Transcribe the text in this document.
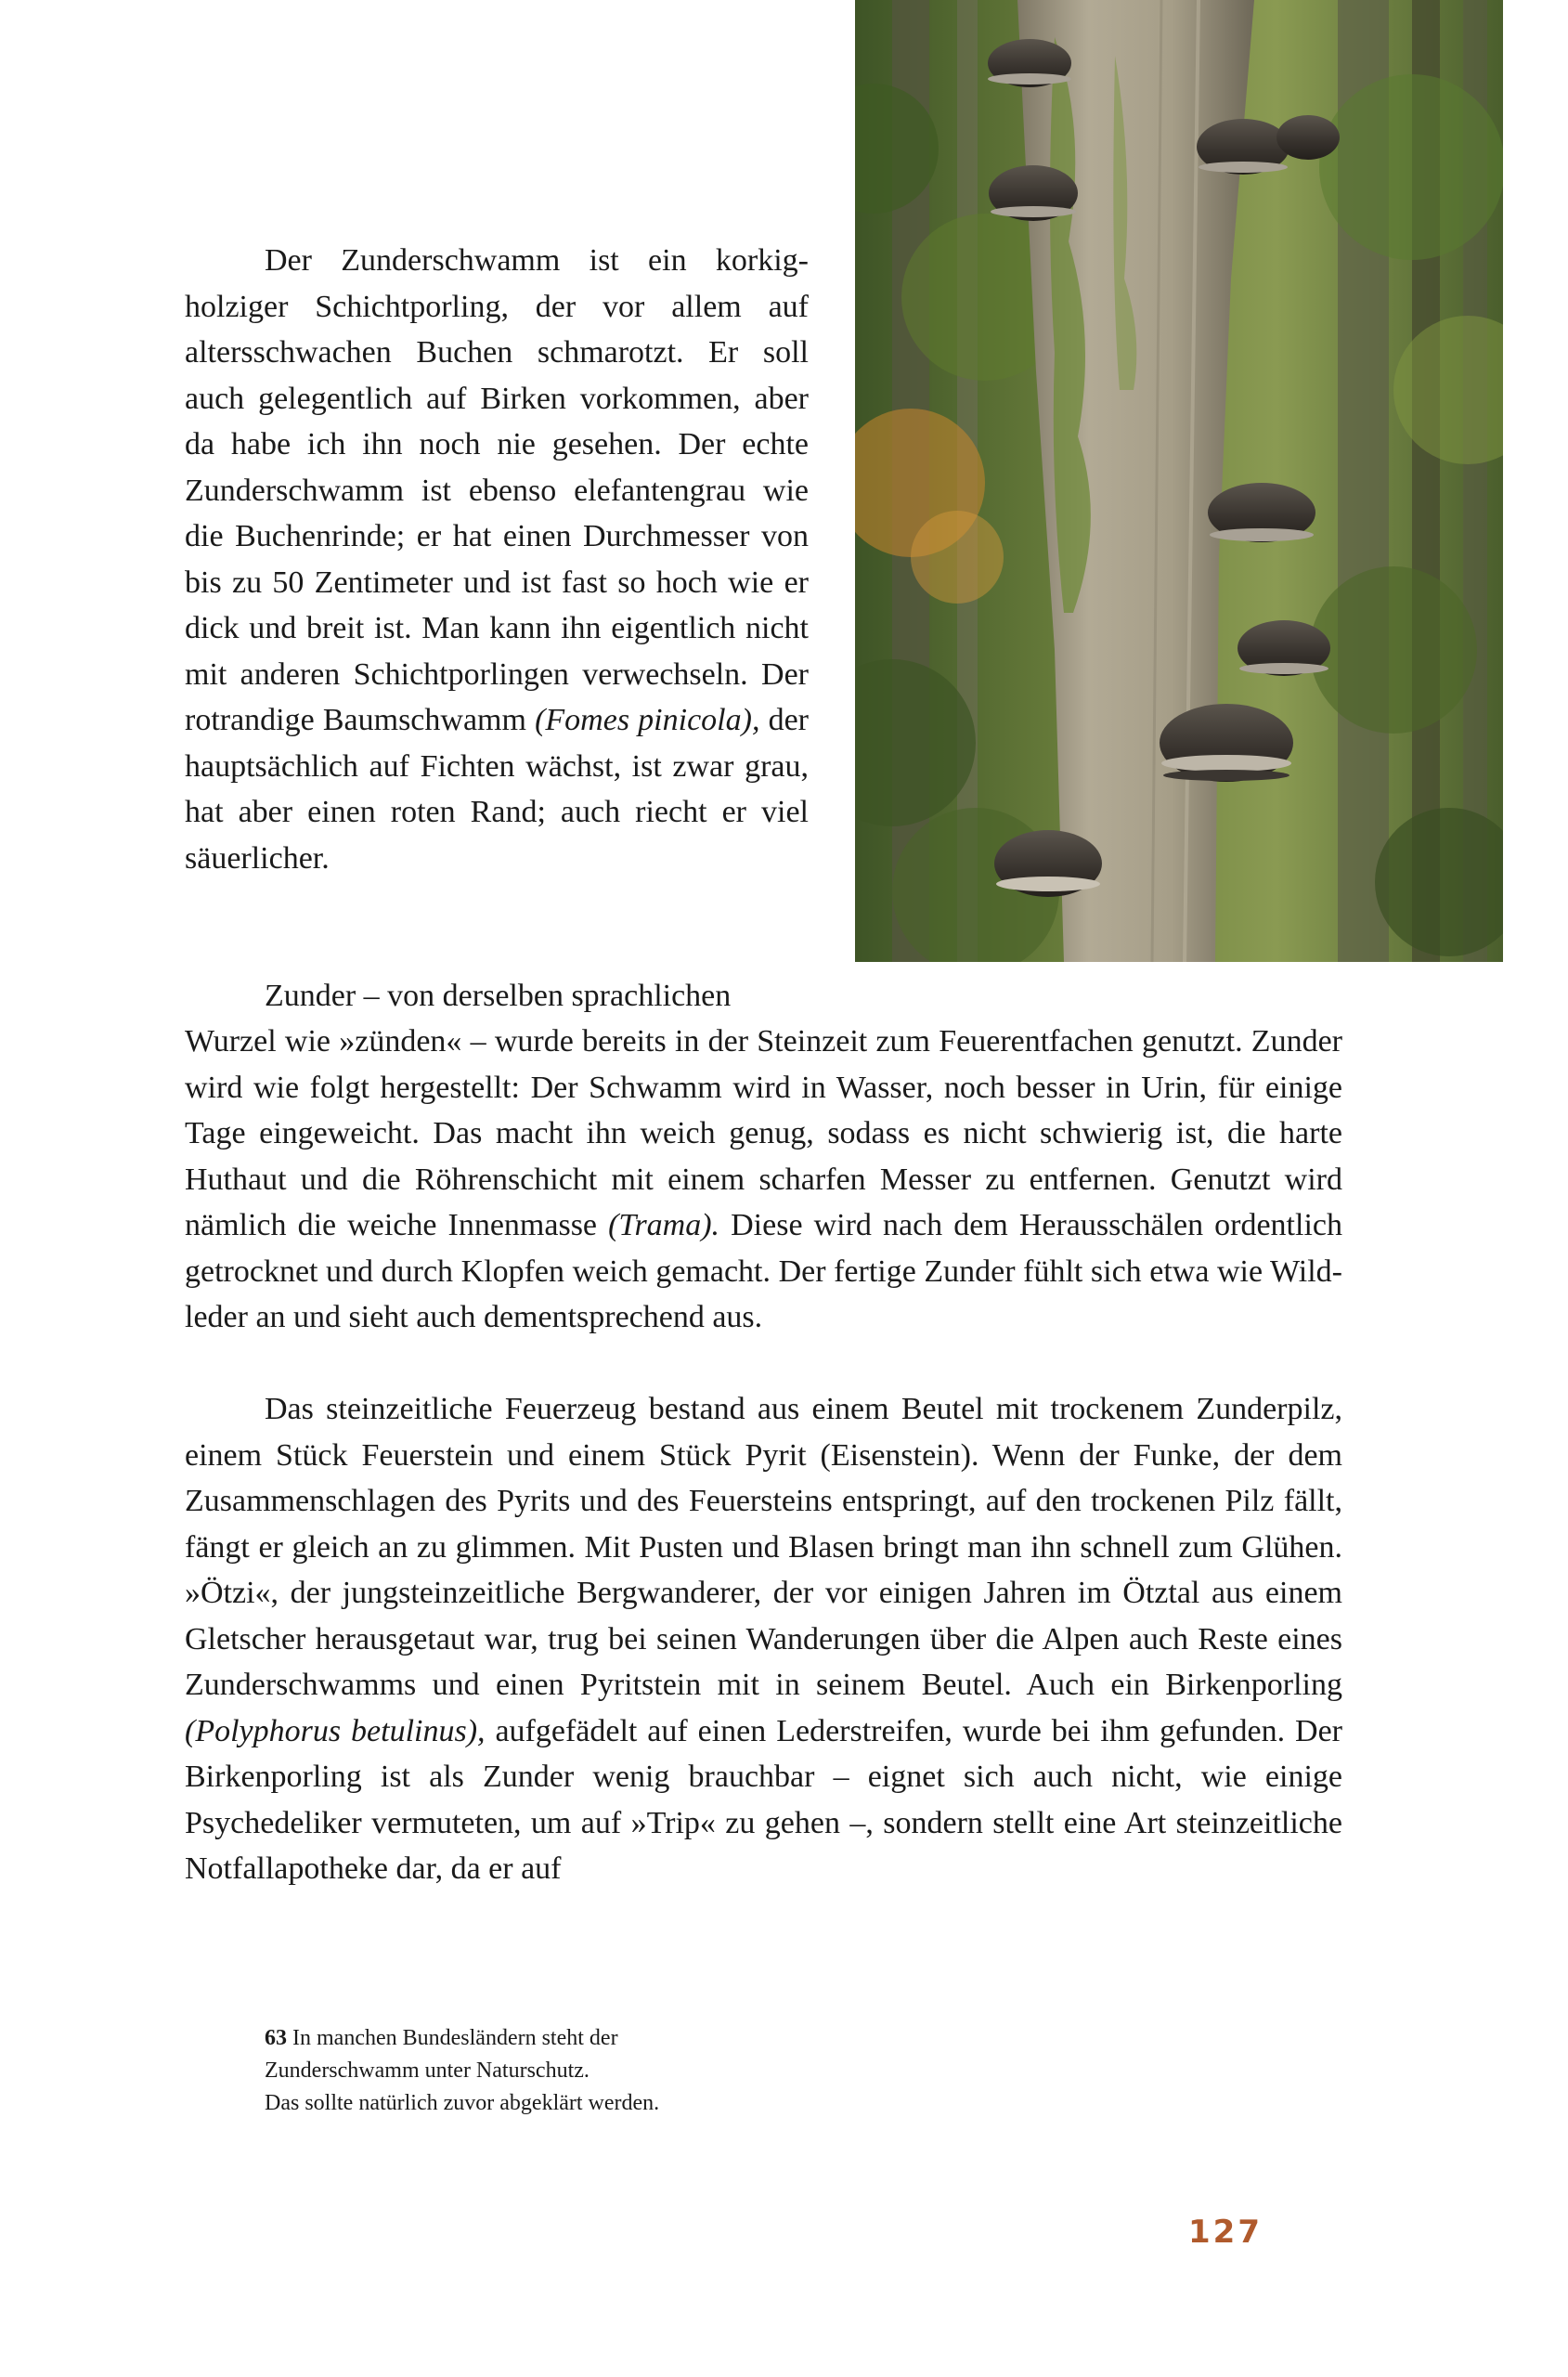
Der Zunderschwamm ist ein korkigholziger Schichtporling, der vor allem auf altersschwachen Buchen schmarotzt. Er soll auch gelegentlich auf Birken vorkommen, aber da habe ich ihn noch nie gesehen. Der echte Zunderschwamm ist ebenso elefantengrau wie die Buchenrinde; er hat einen Durchmesser von bis zu 50 Zentimeter und ist fast so hoch wie er dick und breit ist. Man kann ihn eigentlich nicht mit anderen Schichtporlingen verwechseln. Der rotrandige Baumschwamm (Fomes pinicola), der hauptsächlich auf Fichten wächst, ist zwar grau, hat aber einen roten Rand; auch riecht er viel säuerlicher.

Zunder – von derselben sprachlichen

Wurzel wie »zünden« – wurde bereits in der Steinzeit zum Feuerentfachen genutzt. Zunder wird wie folgt hergestellt: Der Schwamm wird in Wasser, noch besser in Urin, für einige Tage eingeweicht. Das macht ihn weich genug, sodass es nicht schwierig ist, die harte Huthaut und die Röhrenschicht mit einem scharfen Messer zu entfernen. Genutzt wird nämlich die weiche Innenmasse (Trama). Diese wird nach dem Herausschälen ordentlich getrocknet und durch Klopfen weich gemacht. Der fertige Zunder fühlt sich etwa wie Wildleder an und sieht auch dementsprechend aus.

Das steinzeitliche Feuerzeug bestand aus einem Beutel mit trockenem Zunderpilz, einem Stück Feuerstein und einem Stück Pyrit (Eisenstein). Wenn der Funke, der dem Zusammenschlagen des Pyrits und des Feuersteins entspringt, auf den trockenen Pilz fällt, fängt er gleich an zu glimmen. Mit Pusten und Blasen bringt man ihn schnell zum Glühen. »Ötzi«, der jungsteinzeitliche Bergwanderer, der vor einigen Jahren im Ötztal aus einem Gletscher herausgetaut war, trug bei seinen Wanderungen über die Alpen auch Reste eines Zunderschwamms und einen Pyritstein mit in seinem Beutel. Auch ein Birkenporling (Polyphorus betulinus), aufgefädelt auf einen Lederstreifen, wurde bei ihm gefunden. Der Birkenporling ist als Zunder wenig brauchbar – eignet sich auch nicht, wie einige Psychedeliker vermuteten, um auf »Trip« zu gehen –, sondern stellt eine Art steinzeitliche Notfallapotheke dar, da er auf

63 In manchen Bundesländern steht der
Zunderschwamm unter Naturschutz.
Das sollte natürlich zuvor abgeklärt werden.
127
